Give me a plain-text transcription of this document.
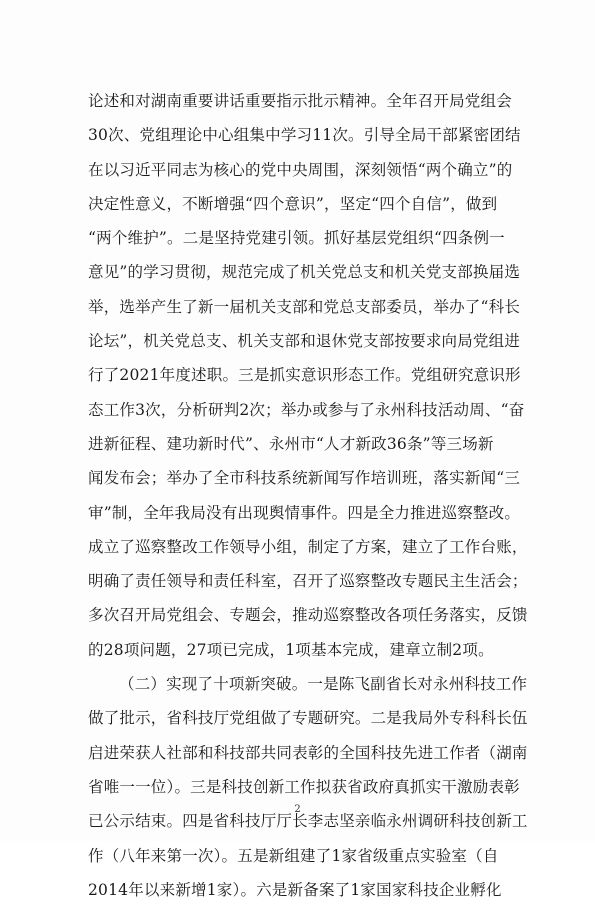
论述和对湖南重要讲话重要指示批示精神。全年召开局党组会
30次、党组理论中心组集中学习11次。引导全局干部紧密团结
在以习近平同志为核心的党中央周围，深刻领悟“两个确立”的
决定性意义，不断增强“四个意识”，坚定“四个自信”，做到
“两个维护”。二是坚持党建引领。抓好基层党组织“四条例一
意见”的学习贯彻，规范完成了机关党总支和机关党支部换届选
举，选举产生了新一届机关支部和党总支部委员，举办了“科长
论坛”，机关党总支、机关支部和退休党支部按要求向局党组进
行了2021年度述职。三是抓实意识形态工作。党组研究意识形
态工作3次，分析研判2次；举办或参与了永州科技活动周、“奋
进新征程、建功新时代”、永州市“人才新政36条”等三场新
闻发布会；举办了全市科技系统新闻写作培训班，落实新闻“三
审”制，全年我局没有出现舆情事件。四是全力推进巡察整改。
成立了巡察整改工作领导小组，制定了方案，建立了工作台账，
明确了责任领导和责任科室，召开了巡察整改专题民主生活会；
多次召开局党组会、专题会，推动巡察整改各项任务落实，反馈
的28项问题，27项已完成，1项基本完成，建章立制2项。
（二）实现了十项新突破。一是陈飞副省长对永州科技工作
做了批示，省科技厅党组做了专题研究。二是我局外专科科长伍
启进荣获人社部和科技部共同表彰的全国科技先进工作者（湖南
省唯一一位）。三是科技创新工作拟获省政府真抓实干激励表彰
已公示结束。四是省科技厅厅长李志坚亲临永州调研科技创新工
作（八年来第一次）。五是新组建了1家省级重点实验室（自
2014年以来新增1家）。六是新备案了1家国家科技企业孵化
2
